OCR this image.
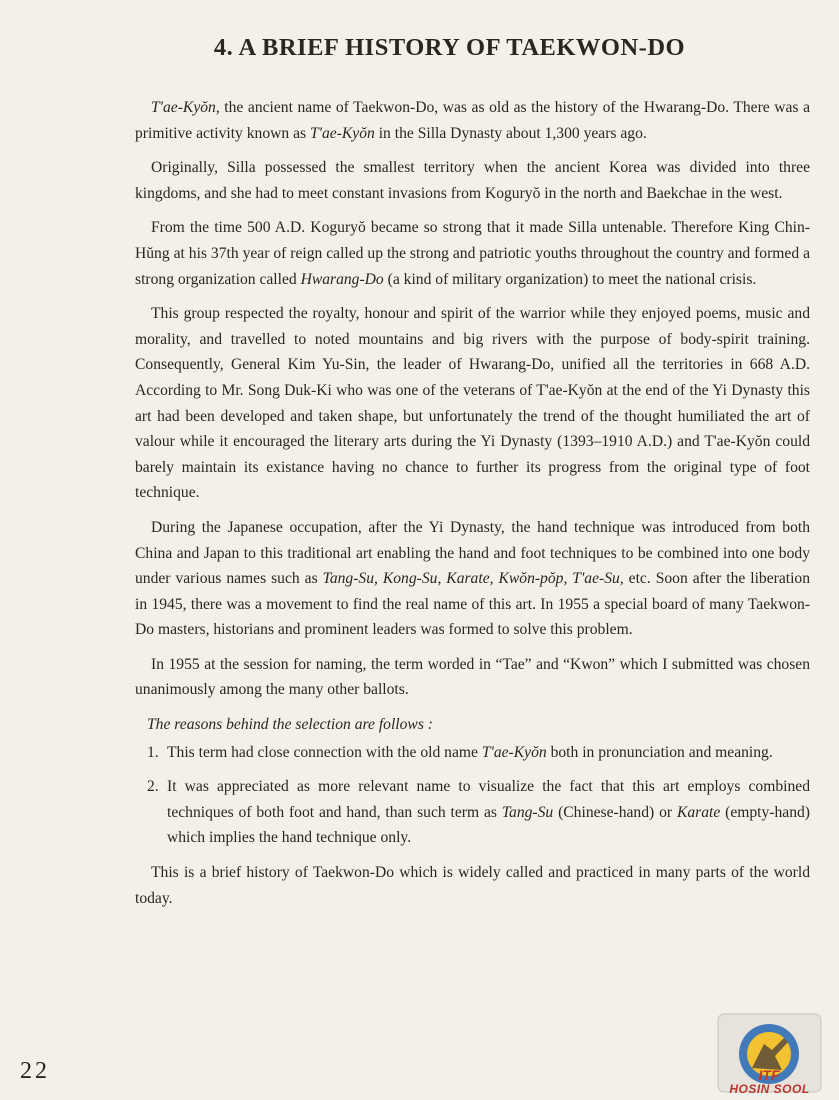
4. A BRIEF HISTORY OF TAEKWON-DO

T'ae-Kyŏn, the ancient name of Taekwon-Do, was as old as the history of the Hwarang-Do. There was a primitive activity known as T'ae-Kyŏn in the Silla Dynasty about 1,300 years ago.

Originally, Silla possessed the smallest territory when the ancient Korea was divided into three kingdoms, and she had to meet constant invasions from Koguryŏ in the north and Baekchae in the west.

From the time 500 A.D. Koguryŏ became so strong that it made Silla untenable. Therefore King Chin-Hŭng at his 37th year of reign called up the strong and patriotic youths throughout the country and formed a strong organization called Hwarang-Do (a kind of military organization) to meet the national crisis.

This group respected the royalty, honour and spirit of the warrior while they enjoyed poems, music and morality, and travelled to noted mountains and big rivers with the purpose of body-spirit training. Consequently, General Kim Yu-Sin, the leader of Hwarang-Do, unified all the territories in 668 A.D. According to Mr. Song Duk-Ki who was one of the veterans of T'ae-Kyŏn at the end of the Yi Dynasty this art had been developed and taken shape, but unfortunately the trend of the thought humiliated the art of valour while it encouraged the literary arts during the Yi Dynasty (1393–1910 A.D.) and T'ae-Kyŏn could barely maintain its existance having no chance to further its progress from the original type of foot technique.

During the Japanese occupation, after the Yi Dynasty, the hand technique was introduced from both China and Japan to this traditional art enabling the hand and foot techniques to be combined into one body under various names such as Tang-Su, Kong-Su, Karate, Kwŏn-pŏp, T'ae-Su, etc. Soon after the liberation in 1945, there was a movement to find the real name of this art. In 1955 a special board of many Taekwon-Do masters, historians and prominent leaders was formed to solve this problem.

In 1955 at the session for naming, the term worded in “Tae” and “Kwon” which I submitted was chosen unanimously among the many other ballots.

The reasons behind the selection are follows :

1. This term had close connection with the old name T'ae-Kyŏn both in pronunciation and meaning.
2. It was appreciated as more relevant name to visualize the fact that this art employs combined techniques of both foot and hand, than such term as Tang-Su (Chinese-hand) or Karate (empty-hand) which implies the hand technique only.

This is a brief history of Taekwon-Do which is widely called and practiced in many parts of the world today.

22	ITF
HOSIN SOOL
